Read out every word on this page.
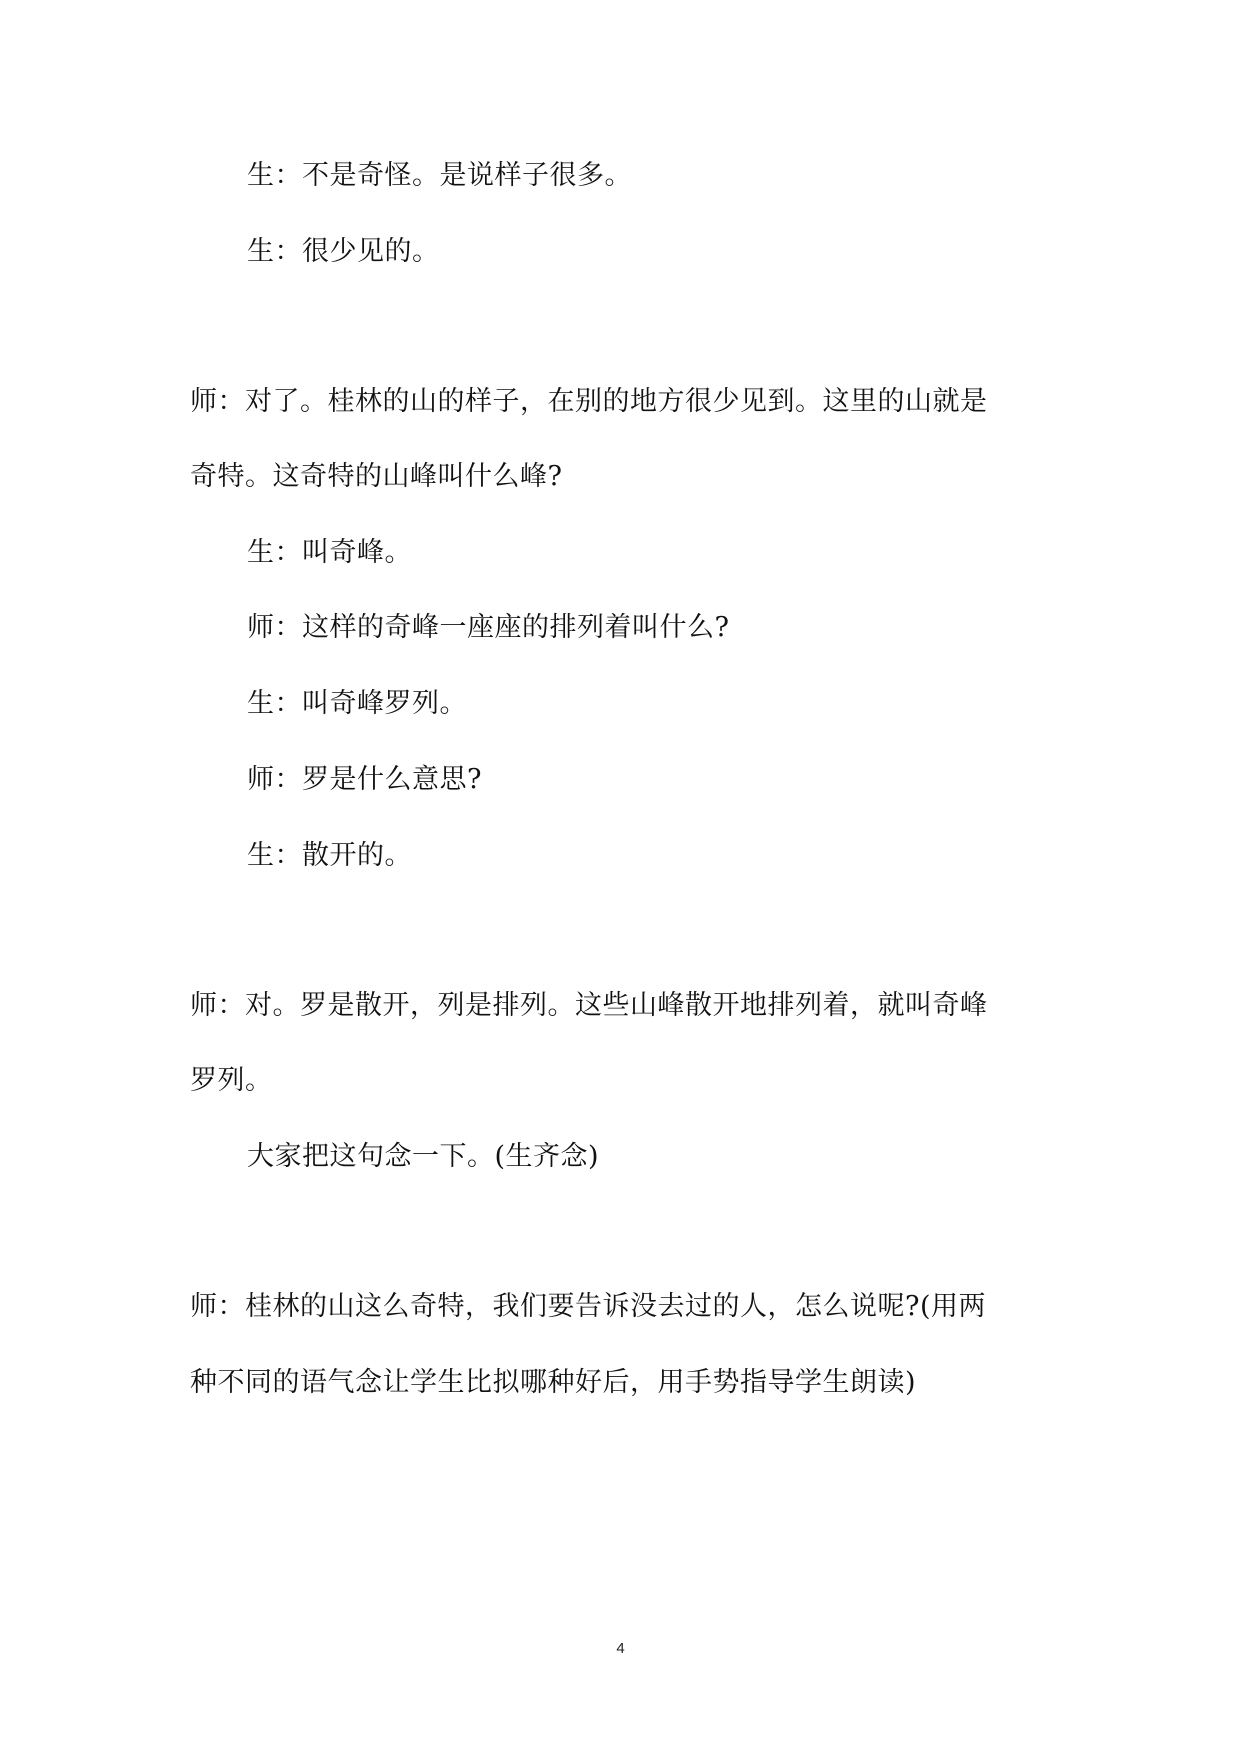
生：不是奇怪。是说样子很多。
生：很少见的。
师：对了。桂林的山的样子，在别的地方很少见到。这里的山就是
奇特。这奇特的山峰叫什么峰?
生：叫奇峰。
师：这样的奇峰一座座的排列着叫什么?
生：叫奇峰罗列。
师：罗是什么意思?
生：散开的。
师：对。罗是散开，列是排列。这些山峰散开地排列着，就叫奇峰
罗列。
大家把这句念一下。(生齐念)
师：桂林的山这么奇特，我们要告诉没去过的人，怎么说呢?(用两
种不同的语气念让学生比拟哪种好后，用手势指导学生朗读)
4
